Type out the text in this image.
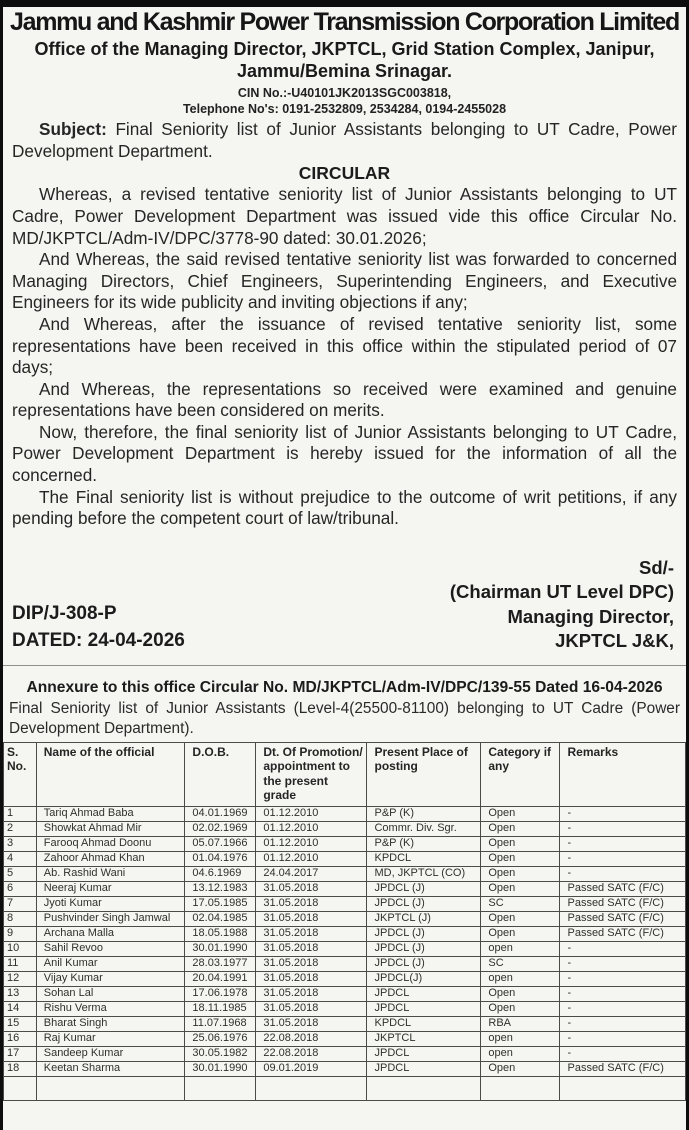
Jammu and Kashmir Power Transmission Corporation Limited
Office of the Managing Director, JKPTCL, Grid Station Complex, Janipur, Jammu/Bemina Srinagar.
CIN No.:-U40101JK2013SGC003818,
Telephone No's: 0191-2532809, 2534284, 0194-2455028

Subject: Final Seniority list of Junior Assistants belonging to UT Cadre, Power Development Department.

CIRCULAR

Whereas, a revised tentative seniority list of Junior Assistants belonging to UT Cadre, Power Development Department was issued vide this office Circular No. MD/JKPTCL/Adm-IV/DPC/3778-90 dated: 30.01.2026;

And Whereas, the said revised tentative seniority list was forwarded to concerned Managing Directors, Chief Engineers, Superintending Engineers, and Executive Engineers for its wide publicity and inviting objections if any;

And Whereas, after the issuance of revised tentative seniority list, some representations have been received in this office within the stipulated period of 07 days;

And Whereas, the representations so received were examined and genuine representations have been considered on merits.

Now, therefore, the final seniority list of Junior Assistants belonging to UT Cadre, Power Development Department is hereby issued for the information of all the concerned.

The Final seniority list is without prejudice to the outcome of writ petitions, if any pending before the competent court of law/tribunal.

DIP/J-308-P
DATED: 24-04-2026
Sd/-
(Chairman UT Level DPC)
Managing Director,
JKPTCL J&K,
Annexure to this office Circular No. MD/JKPTCL/Adm-IV/DPC/139-55 Dated 16-04-2026
Final Seniority list of Junior Assistants (Level-4(25500-81100) belonging to UT Cadre (Power Development Department).
S. No.	Name of the official	D.O.B.	Dt. Of Promotion/ appointment to the present grade	Present Place of posting	Category if any	Remarks
1	Tariq Ahmad Baba	04.01.1969	01.12.2010	P&P (K)	Open	-
2	Showkat Ahmad Mir	02.02.1969	01.12.2010	Commr. Div. Sgr.	Open	-
3	Farooq Ahmad Doonu	05.07.1966	01.12.2010	P&P (K)	Open	-
4	Zahoor Ahmad Khan	01.04.1976	01.12.2010	KPDCL	Open	-
5	Ab. Rashid Wani	04.6.1969	24.04.2017	MD, JKPTCL (CO)	Open	-
6	Neeraj Kumar	13.12.1983	31.05.2018	JPDCL (J)	Open	Passed SATC (F/C)
7	Jyoti Kumar	17.05.1985	31.05.2018	JPDCL (J)	SC	Passed SATC (F/C)
8	Pushvinder Singh Jamwal	02.04.1985	31.05.2018	JKPTCL (J)	Open	Passed SATC (F/C)
9	Archana Malla	18.05.1988	31.05.2018	JPDCL (J)	Open	Passed SATC (F/C)
10	Sahil Revoo	30.01.1990	31.05.2018	JPDCL (J)	open	-
11	Anil Kumar	28.03.1977	31.05.2018	JPDCL (J)	SC	-
12	Vijay Kumar	20.04.1991	31.05.2018	JPDCL(J)	open	-
13	Sohan Lal	17.06.1978	31.05.2018	JPDCL	Open	-
14	Rishu Verma	18.11.1985	31.05.2018	JPDCL	Open	-
15	Bharat Singh	11.07.1968	31.05.2018	KPDCL	RBA	-
16	Raj Kumar	25.06.1976	22.08.2018	JKPTCL	open	-
17	Sandeep Kumar	30.05.1982	22.08.2018	JPDCL	open	-
18	Keetan Sharma	30.01.1990	09.01.2019	JPDCL	Open	Passed SATC (F/C)
